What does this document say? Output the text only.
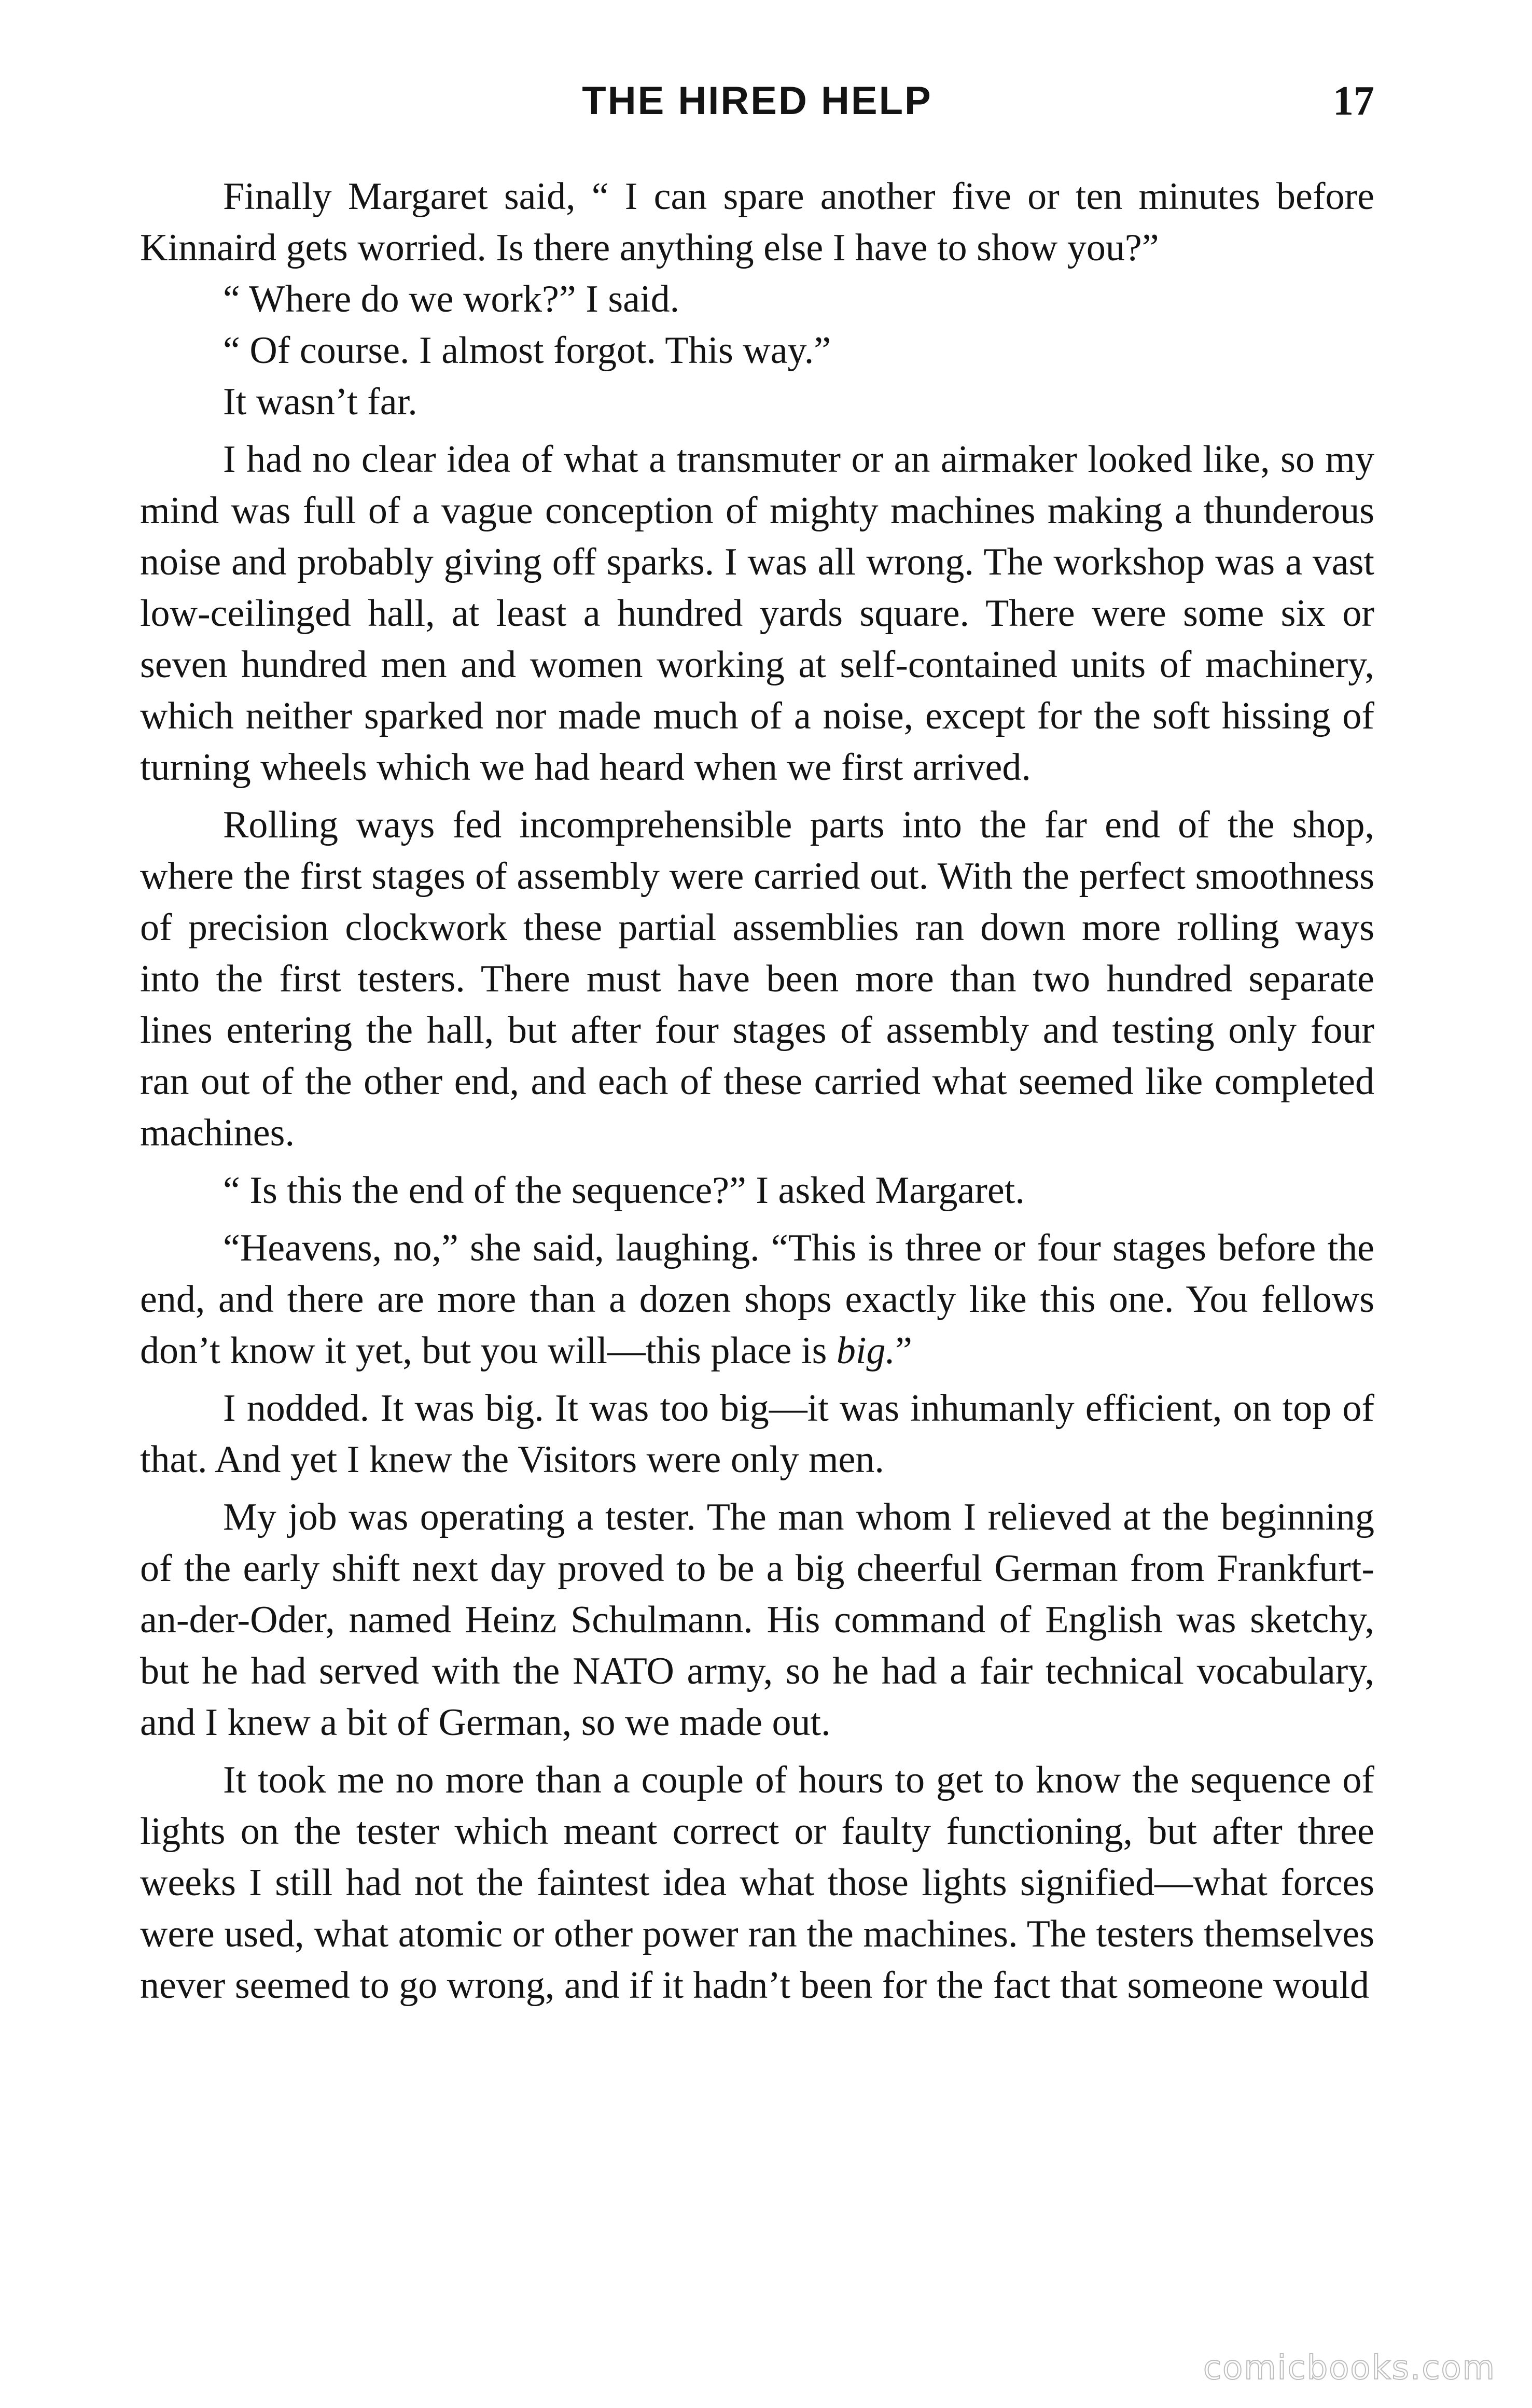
THE HIRED HELP	17

Finally Margaret said, “ I can spare another five or ten minutes before Kinnaird gets worried. Is there anything else I have to show you?”

“ Where do we work?” I said.

“ Of course. I almost forgot. This way.”

It wasn’t far.

I had no clear idea of what a transmuter or an airmaker looked like, so my mind was full of a vague conception of mighty machines making a thunderous noise and probably giving off sparks. I was all wrong. The workshop was a vast low-ceilinged hall, at least a hundred yards square. There were some six or seven hundred men and women working at self-contained units of machinery, which neither sparked nor made much of a noise, except for the soft hissing of turning wheels which we had heard when we first arrived.

Rolling ways fed incomprehensible parts into the far end of the shop, where the first stages of assembly were carried out. With the perfect smoothness of precision clockwork these partial assemblies ran down more rolling ways into the first testers. There must have been more than two hundred separate lines entering the hall, but after four stages of assembly and testing only four ran out of the other end, and each of these carried what seemed like completed machines.

“ Is this the end of the sequence?” I asked Margaret.

“Heavens, no,” she said, laughing. “This is three or four stages before the end, and there are more than a dozen shops exactly like this one. You fellows don’t know it yet, but you will—this place is big.”

I nodded. It was big. It was too big—it was inhumanly efficient, on top of that. And yet I knew the Visitors were only men.

My job was operating a tester. The man whom I relieved at the beginning of the early shift next day proved to be a big cheerful German from Frankfurt-an-der-Oder, named Heinz Schulmann. His command of English was sketchy, but he had served with the NATO army, so he had a fair technical vocabulary, and I knew a bit of German, so we made out.

It took me no more than a couple of hours to get to know the sequence of lights on the tester which meant correct or faulty functioning, but after three weeks I still had not the faintest idea what those lights signified—what forces were used, what atomic or other power ran the machines. The testers themselves never seemed to go wrong, and if it hadn’t been for the fact that someone would

comicbooks.com
